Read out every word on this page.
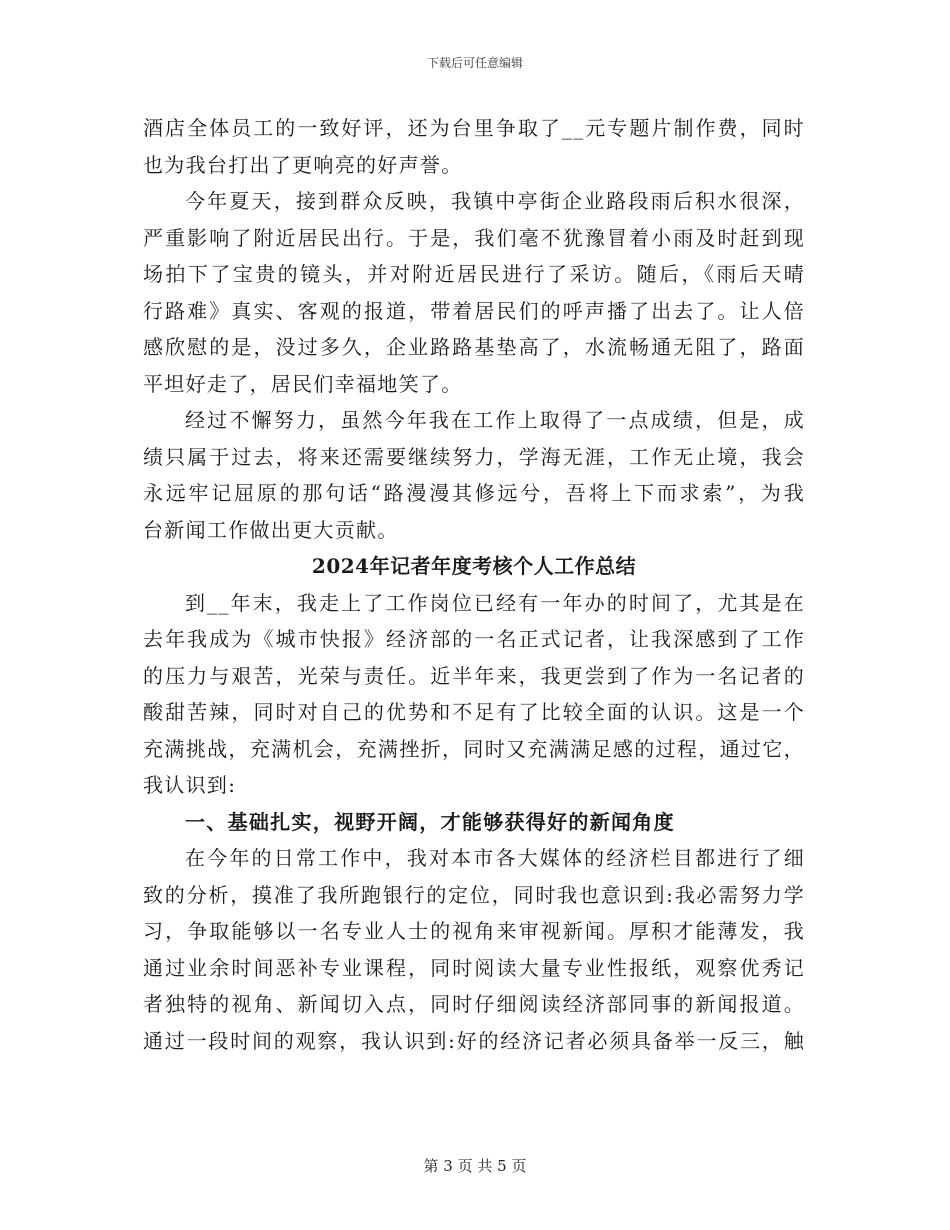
下载后可任意编辑
酒店全体员工的一致好评，还为台里争取了__元专题片制作费，同时
也为我台打出了更响亮的好声誉。
今年夏天，接到群众反映，我镇中亭街企业路段雨后积水很深，
严重影响了附近居民出行。于是，我们毫不犹豫冒着小雨及时赶到现
场拍下了宝贵的镜头，并对附近居民进行了采访。随后，《雨后天晴
行路难》真实、客观的报道，带着居民们的呼声播了出去了。让人倍
感欣慰的是，没过多久，企业路路基垫高了，水流畅通无阻了，路面
平坦好走了，居民们幸福地笑了。
经过不懈努力，虽然今年我在工作上取得了一点成绩，但是，成
绩只属于过去，将来还需要继续努力，学海无涯，工作无止境，我会
永远牢记屈原的那句话“路漫漫其修远兮，吾将上下而求索”，为我
台新闻工作做出更大贡献。
2024年记者年度考核个人工作总结
到__年末，我走上了工作岗位已经有一年办的时间了，尤其是在
去年我成为《城市快报》经济部的一名正式记者，让我深感到了工作
的压力与艰苦，光荣与责任。近半年来，我更尝到了作为一名记者的
酸甜苦辣，同时对自己的优势和不足有了比较全面的认识。这是一个
充满挑战，充满机会，充满挫折，同时又充满满足感的过程，通过它，
我认识到:
一、基础扎实，视野开阔，才能够获得好的新闻角度
在今年的日常工作中，我对本市各大媒体的经济栏目都进行了细
致的分析，摸准了我所跑银行的定位，同时我也意识到:我必需努力学
习，争取能够以一名专业人士的视角来审视新闻。厚积才能薄发，我
通过业余时间恶补专业课程，同时阅读大量专业性报纸，观察优秀记
者独特的视角、新闻切入点，同时仔细阅读经济部同事的新闻报道。
通过一段时间的观察，我认识到:好的经济记者必须具备举一反三，触
第 3 页 共 5 页
